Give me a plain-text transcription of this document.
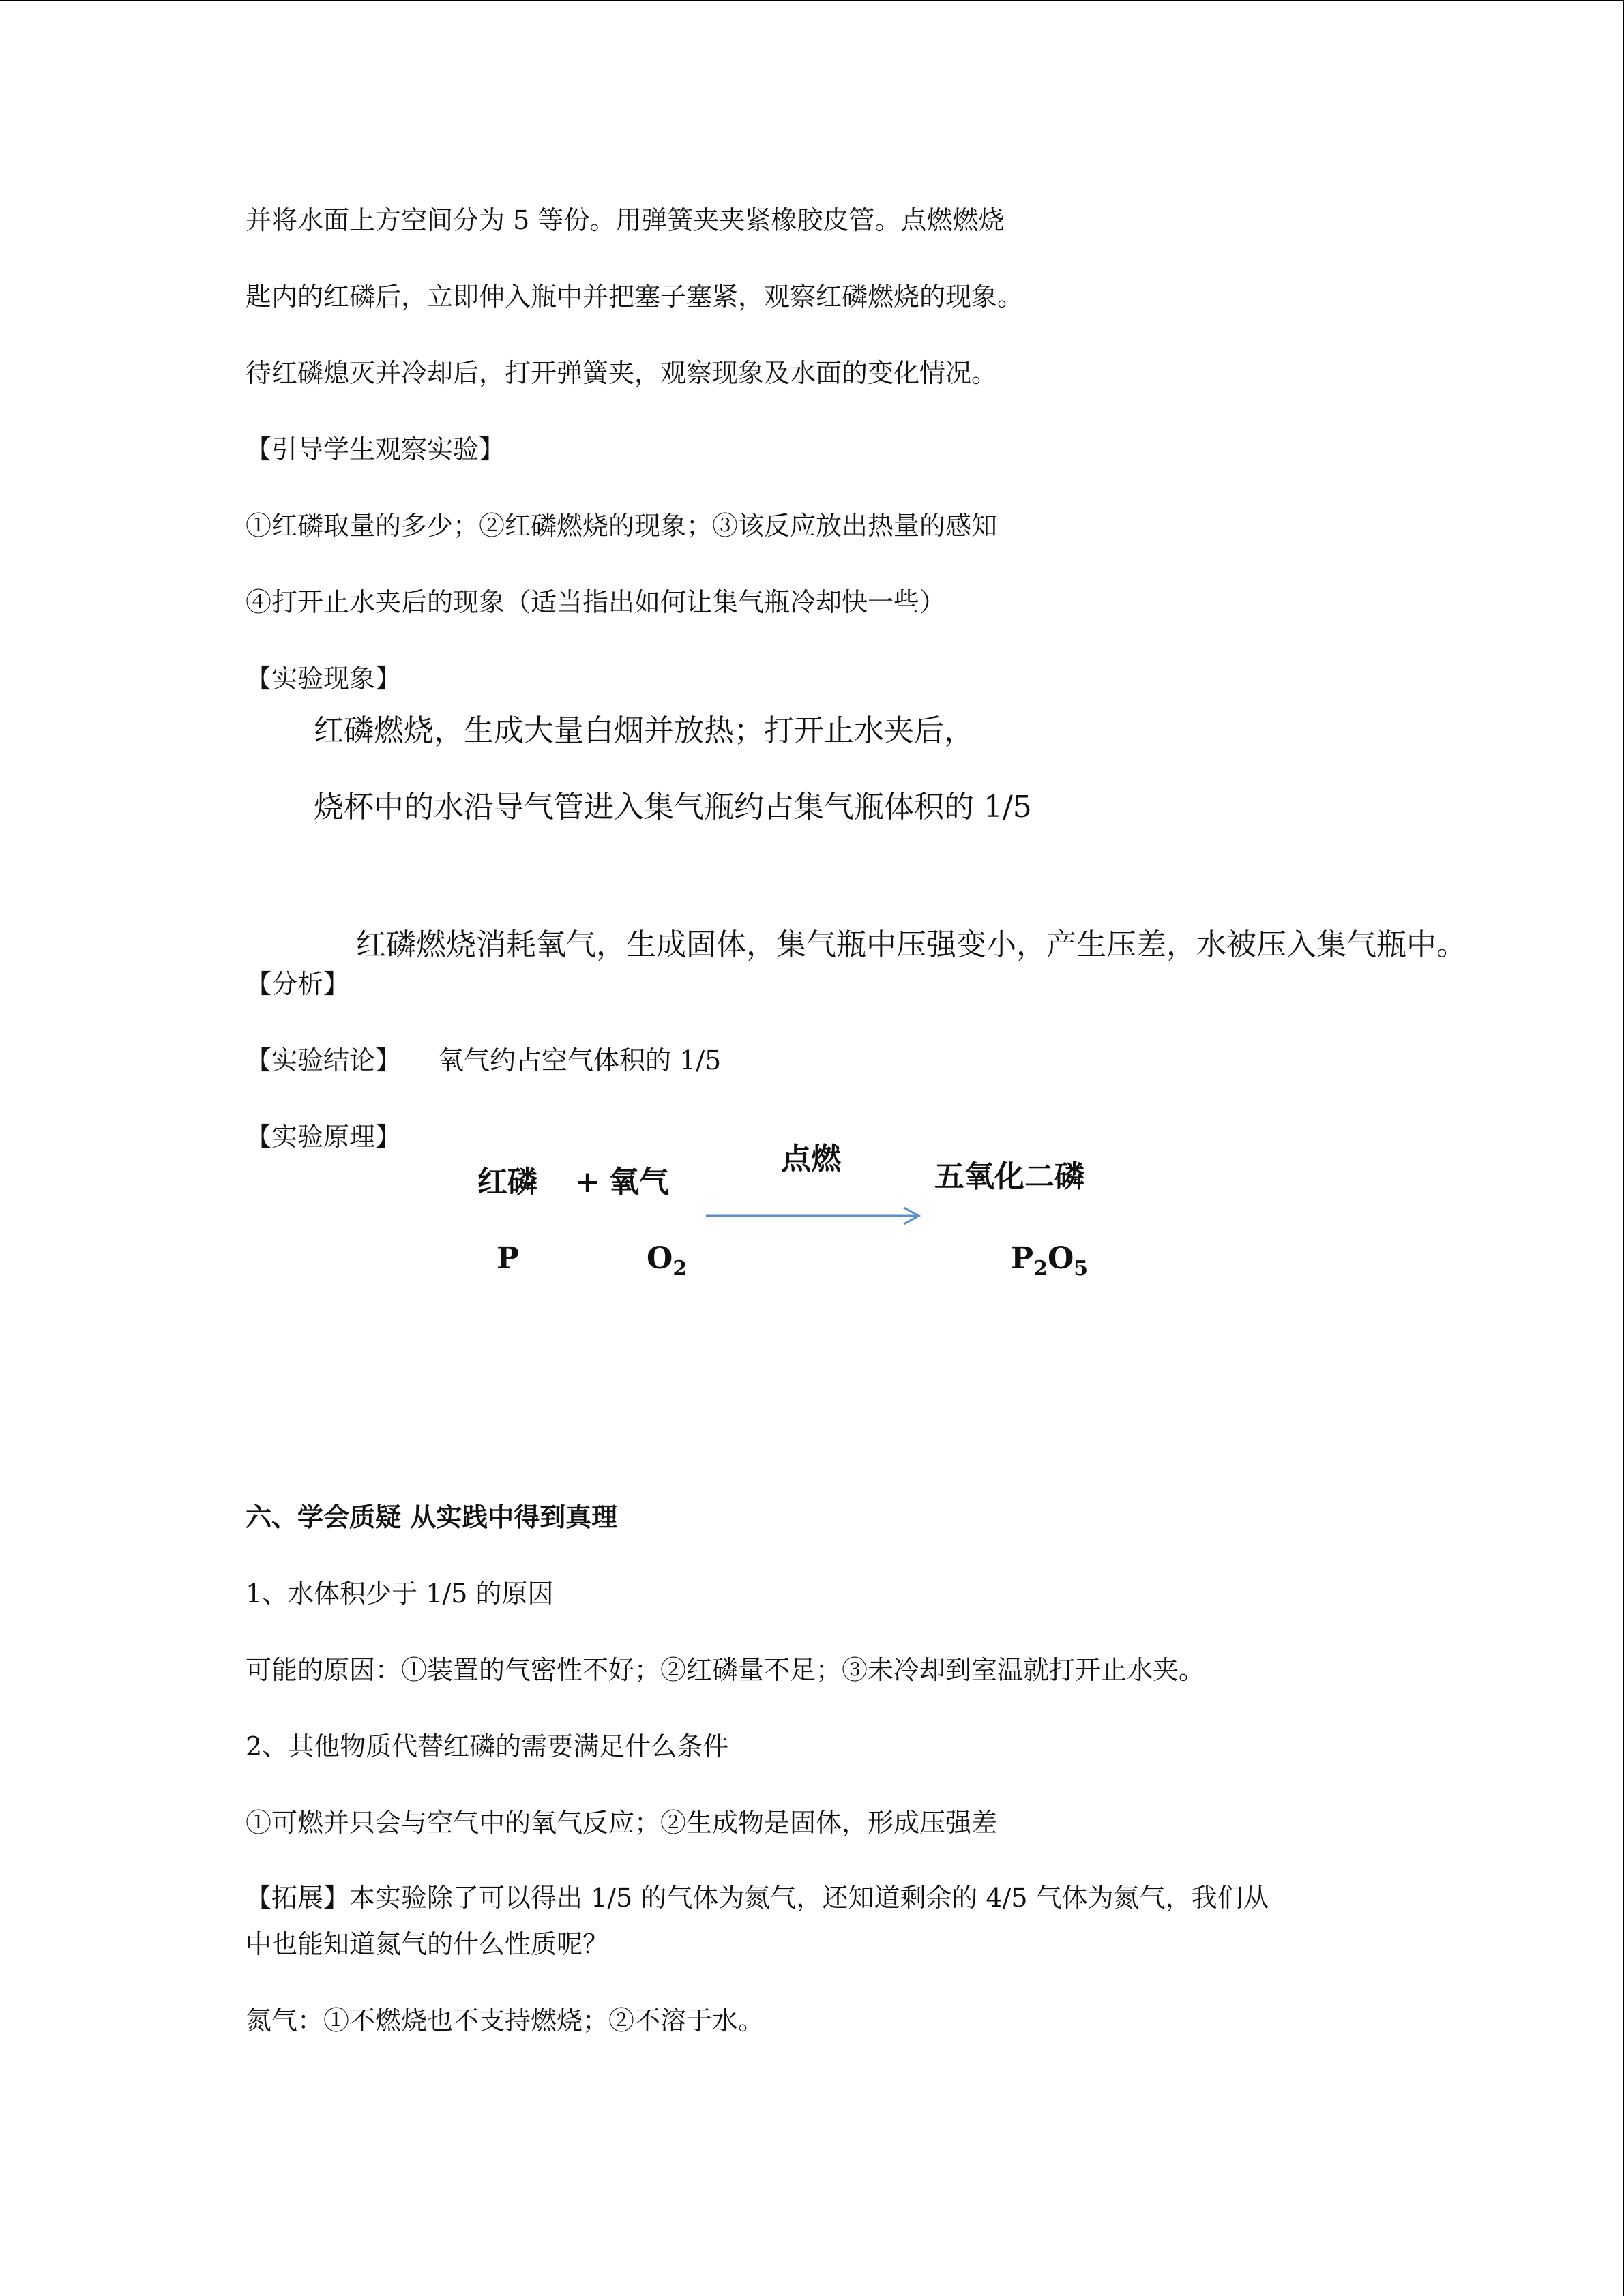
并将水面上方空间分为 5 等份。用弹簧夹夹紧橡胶皮管。点燃燃烧
匙内的红磷后，立即伸入瓶中并把塞子塞紧，观察红磷燃烧的现象。
待红磷熄灭并冷却后，打开弹簧夹，观察现象及水面的变化情况。
【引导学生观察实验】
①红磷取量的多少；②红磷燃烧的现象；③该反应放出热量的感知
④打开止水夹后的现象（适当指出如何让集气瓶冷却快一些）
【实验现象】
红磷燃烧，生成大量白烟并放热；打开止水夹后，
烧杯中的水沿导气管进入集气瓶约占集气瓶体积的 1/5
红磷燃烧消耗氧气，生成固体，集气瓶中压强变小，产生压差，水被压入集气瓶中。
【分析】
【实验结论】 氧气约占空气体积的 1/5
【实验原理】
红磷 + 氧气
点燃
五氧化二磷
P	$O_2$	$P_2O_5$
六、学会质疑 从实践中得到真理
1、水体积少于 1/5 的原因
可能的原因：①装置的气密性不好；②红磷量不足；③未冷却到室温就打开止水夹。
2、其他物质代替红磷的需要满足什么条件
①可燃并只会与空气中的氧气反应；②生成物是固体，形成压强差
【拓展】本实验除了可以得出 1/5 的气体为氮气，还知道剩余的 4/5 气体为氮气，我们从
中也能知道氮气的什么性质呢？
氮气：①不燃烧也不支持燃烧；②不溶于水。
